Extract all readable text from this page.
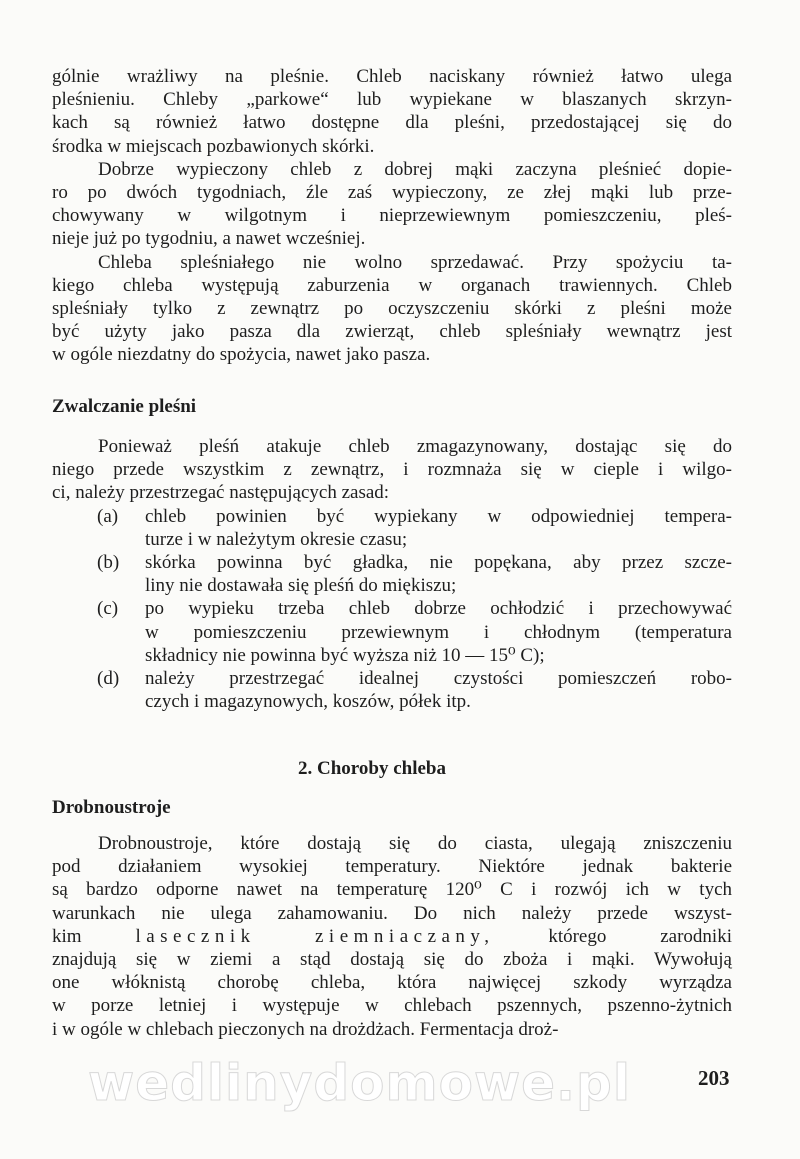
wedlinydomowe.pl
gólnie wrażliwy na pleśnie. Chleb naciskany również łatwo ulega
pleśnieniu. Chleby „parkowe“ lub wypiekane w blaszanych skrzyn-
kach są również łatwo dostępne dla pleśni, przedostającej się do
środka w miejscach pozbawionych skórki.
Dobrze wypieczony chleb z dobrej mąki zaczyna pleśnieć dopie-
ro po dwóch tygodniach, źle zaś wypieczony, ze złej mąki lub prze-
chowywany w wilgotnym i nieprzewiewnym pomieszczeniu, pleś-
nieje już po tygodniu, a nawet wcześniej.
Chleba spleśniałego nie wolno sprzedawać. Przy spożyciu ta-
kiego chleba występują zaburzenia w organach trawiennych. Chleb
spleśniały tylko z zewnątrz po oczyszczeniu skórki z pleśni może
być użyty jako pasza dla zwierząt, chleb spleśniały wewnątrz jest
w ogóle niezdatny do spożycia, nawet jako pasza.
Zwalczanie pleśni
Ponieważ pleśń atakuje chleb zmagazynowany, dostając się do
niego przede wszystkim z zewnątrz, i rozmnaża się w cieple i wilgo-
ci, należy przestrzegać następujących zasad:
(a) chleb powinien być wypiekany w odpowiedniej tempera-
turze i w należytym okresie czasu;
(b) skórka powinna być gładka, nie popękana, aby przez szcze-
liny nie dostawała się pleśń do miękiszu;
(c) po wypieku trzeba chleb dobrze ochłodzić i przechowywać
w pomieszczeniu przewiewnym i chłodnym (temperatura
składnicy nie powinna być wyższa niż 10 — 15⁰ C);
(d) należy przestrzegać idealnej czystości pomieszczeń robo-
czych i magazynowych, koszów, półek itp.
2. Choroby chleba
Drobnoustroje
Drobnoustroje, które dostają się do ciasta, ulegają zniszczeniu
pod działaniem wysokiej temperatury. Niektóre jednak bakterie
są bardzo odporne nawet na temperaturę 120⁰ C i rozwój ich w tych
warunkach nie ulega zahamowaniu. Do nich należy przede wszyst-
kim lasecznik ziemniaczany, którego zarodniki
znajdują się w ziemi a stąd dostają się do zboża i mąki. Wywołują
one włóknistą chorobę chleba, która najwięcej szkody wyrządza
w porze letniej i występuje w chlebach pszennych, pszenno-żytnich
i w ogóle w chlebach pieczonych na drożdżach. Fermentacja droż-
203
